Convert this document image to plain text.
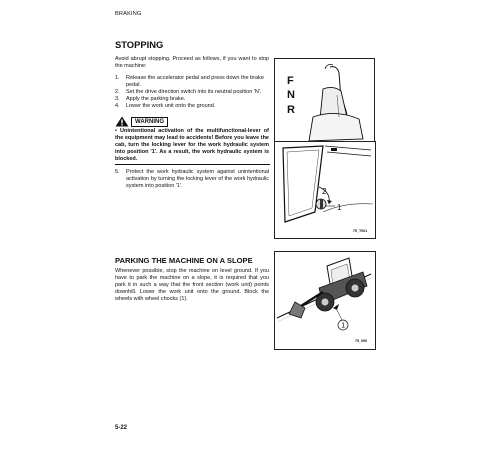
BRAKING
STOPPING
Avoid abrupt stopping. Proceed as follows, if you want to stop the machine:
1. Release the accelerator pedal and press down the brake pedal.
2. Set the drive direction switch into its neutral position 'N'.
3. Apply the parking brake.
4. Lower the work unit onto the ground.
WARNING
• Unintentional activation of the multifunctional-lever of the equipment may lead to accidents! Before you leave the cab, turn the locking lever for the work hydraulic system into position '1'. As a result, the work hydraulic system is blocked.
5. Protect the work hydraulic system against unintentional activation by turning the locking lever of the work hydraulic system into position '1'.
PARKING THE MACHINE ON A SLOPE
Whenever possible, stop the machine on level ground. If you have to park the machine on a slope, it is required that you park it in such a way that the front section (work unit) points downhill. Lower the work unit onto the ground. Block the wheels with wheel chocks (1).
F
N
R
2
1
75_T061
1
75_090
5-22
